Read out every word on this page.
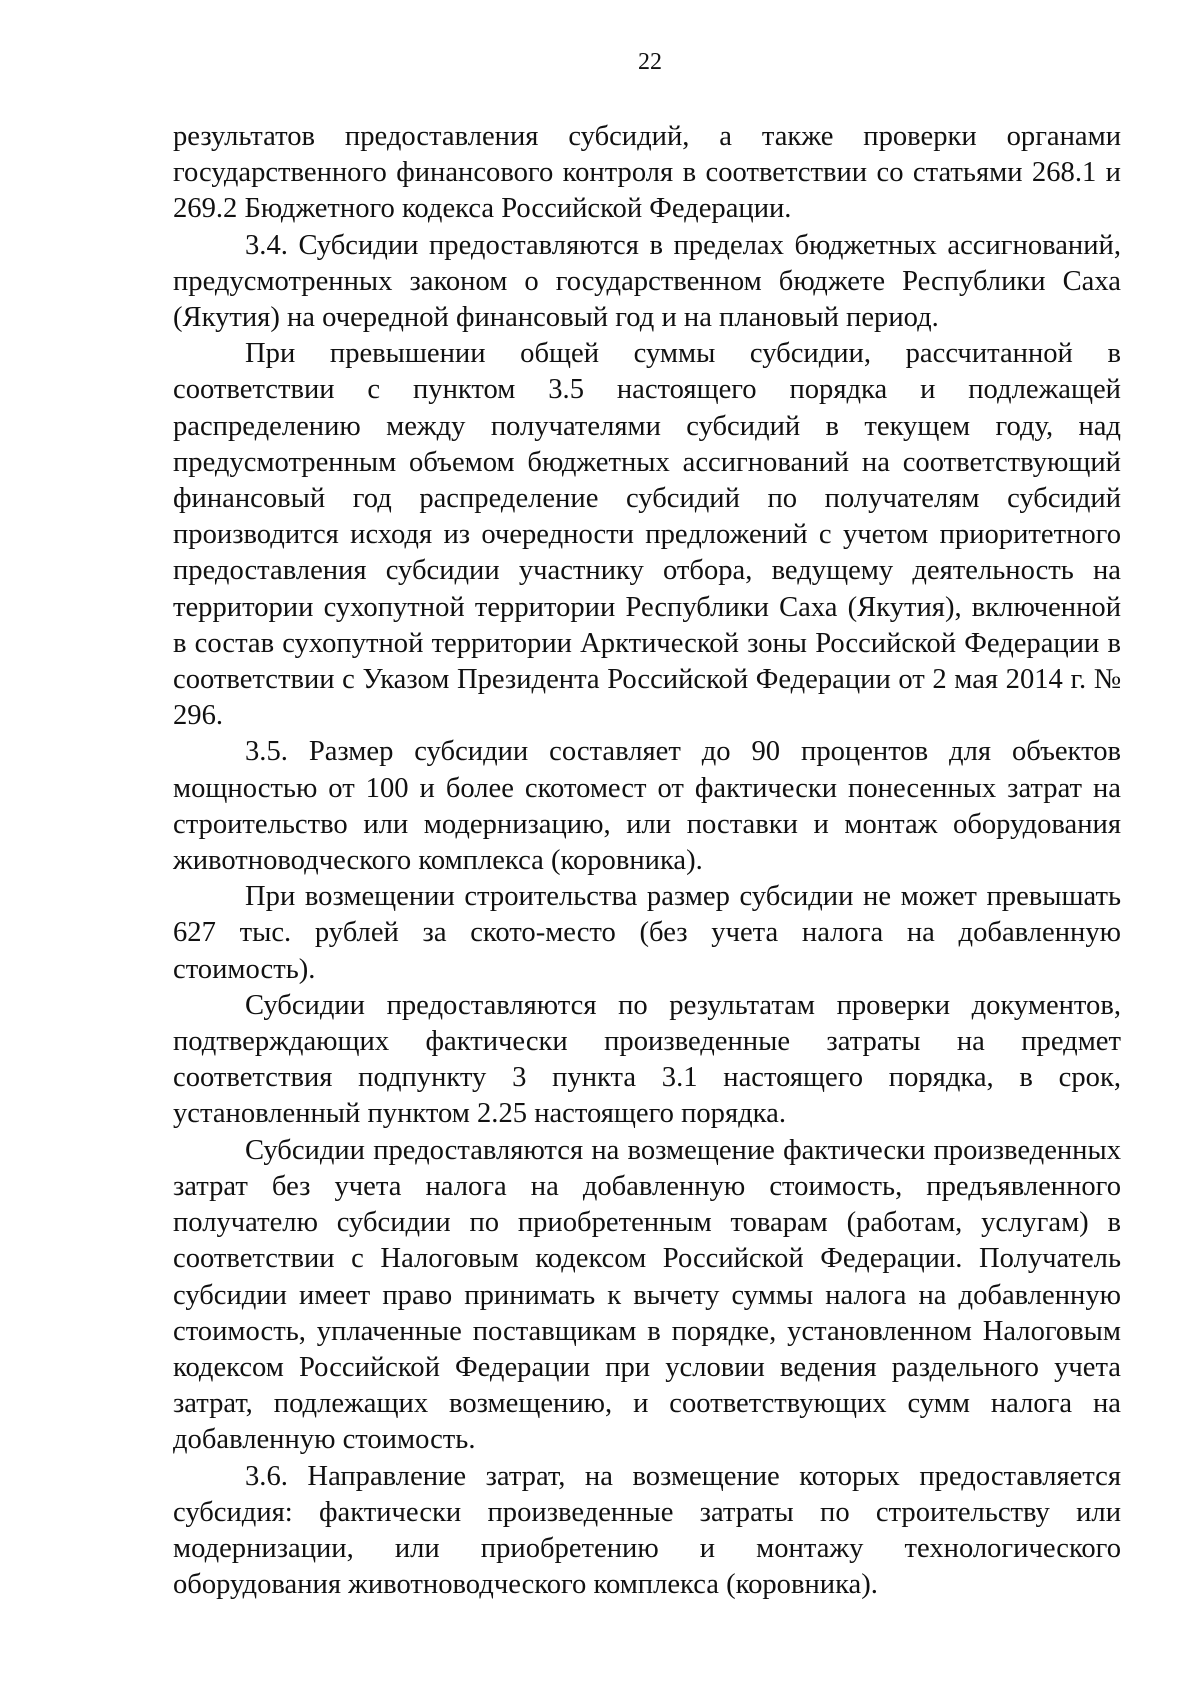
22

результатов предоставления субсидий, а также проверки органами государственного финансового контроля в соответствии со статьями 268.1 и 269.2 Бюджетного кодекса Российской Федерации.

3.4. Субсидии предоставляются в пределах бюджетных ассигнований, предусмотренных законом о государственном бюджете Республики Саха (Якутия) на очередной финансовый год и на плановый период.

При превышении общей суммы субсидии, рассчитанной в соответствии с пунктом 3.5 настоящего порядка и подлежащей распределению между получателями субсидий в текущем году, над предусмотренным объемом бюджетных ассигнований на соответствующий финансовый год распределение субсидий по получателям субсидий производится исходя из очередности предложений с учетом приоритетного предоставления субсидии участнику отбора, ведущему деятельность на территории сухопутной территории Республики Саха (Якутия), включенной в состав сухопутной территории Арктической зоны Российской Федерации в соответствии с Указом Президента Российской Федерации от 2 мая 2014 г. № 296.

3.5. Размер субсидии составляет до 90 процентов для объектов мощностью от 100 и более скотомест от фактически понесенных затрат на строительство или модернизацию, или поставки и монтаж оборудования животноводческого комплекса (коровника).

При возмещении строительства размер субсидии не может превышать 627 тыс. рублей за ското-место (без учета налога на добавленную стоимость).

Субсидии предоставляются по результатам проверки документов, подтверждающих фактически произведенные затраты на предмет соответствия подпункту 3 пункта 3.1 настоящего порядка, в срок, установленный пунктом 2.25 настоящего порядка.

Субсидии предоставляются на возмещение фактически произведенных затрат без учета налога на добавленную стоимость, предъявленного получателю субсидии по приобретенным товарам (работам, услугам) в соответствии с Налоговым кодексом Российской Федерации. Получатель субсидии имеет право принимать к вычету суммы налога на добавленную стоимость, уплаченные поставщикам в порядке, установленном Налоговым кодексом Российской Федерации при условии ведения раздельного учета затрат, подлежащих возмещению, и соответствующих сумм налога на добавленную стоимость.

3.6. Направление затрат, на возмещение которых предоставляется субсидия: фактически произведенные затраты по строительству или модернизации, или приобретению и монтажу технологического оборудования животноводческого комплекса (коровника).
